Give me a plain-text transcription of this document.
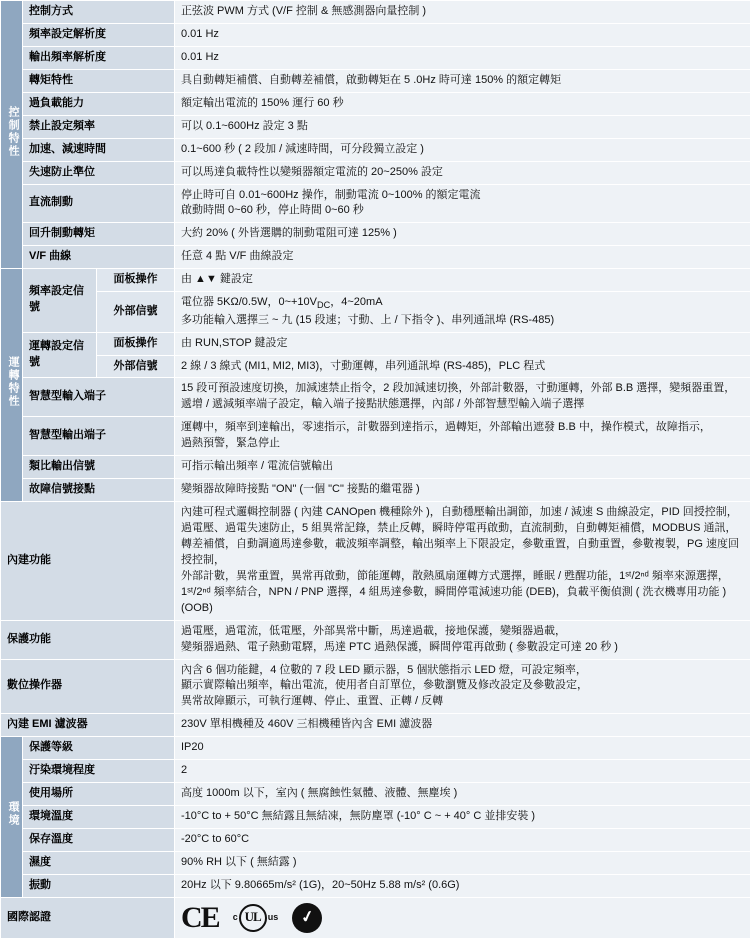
控制特性	控制方式		正弦波 PWM 方式 (V/F 控制 & 無感測器向量控制 )
	頻率設定解析度		0.01 Hz
	輸出頻率解析度		0.01 Hz
	轉矩特性		具自動轉矩補償、自動轉差補償，啟動轉矩在 5 .0Hz 時可達 150% 的額定轉矩
	過負載能力		額定輸出電流的 150% 運行 60 秒
	禁止設定頻率		可以 0.1~600Hz 設定 3 點
	加速、減速時間		0.1~600 秒 ( 2 段加 / 減速時間，可分段獨立設定 )
	失速防止準位		可以馬達負載特性以變頻器額定電流的 20~250% 設定
	直流制動		停止時可自 0.01~600Hz 操作，制動電流 0~100% 的額定電流
啟動時間 0~60 秒，停止時間 0~60 秒

	回升制動轉矩		大約 20% ( 外皆選購的制動電阻可達 125% )
	V/F 曲線		任意 4 點 V/F 曲線設定
運轉特性	頻率設定信號	面板操作	由 ▲▼ 鍵設定
		外部信號	電位器 5KΩ/0.5W，$0\sim+10V_{DC}$，4~20mA
多功能輸入選擇三 ~ 九 (15 段速；寸動、上 / 下指令 )、串列通訊埠 (RS-485)

	運轉設定信號	面板操作	由 RUN,STOP 鍵設定
		外部信號	2 線 / 3 線式 (MI1, MI2, MI3)，寸動運轉，串列通訊埠 (RS-485)，PLC 程式
	智慧型輸入端子		15 段可預設速度切換，加減速禁止指令，2 段加減速切換，外部計數器，寸動運轉，外部 B.B 選擇，變頻器重置，
遞增 / 遞減頻率端子設定，輸入端子接點狀態選擇，內部 / 外部智慧型輸入端子選擇

	智慧型輸出端子		運轉中，頻率到達輸出，零速指示，計數器到達指示，過轉矩，外部輸出遮發 B.B 中，操作模式，故障指示，
過熱預警，緊急停止

	類比輸出信號		可指示輸出頻率 / 電流信號輸出
	故障信號接點		變頻器故障時接點 "ON" (一個 "C" 接點的繼電器 )

內建功能			內建可程式邏輯控制器 ( 內建 CANOpen 機種除外 )，自動穩壓輸出調節，加速 / 減速 S 曲線設定，PID 回授控制，
過電壓、過電失速防止，5 組異常記錄，禁止反轉，瞬時停電再啟動，直流制動，自動轉矩補償，MODBUS 通訊，
轉差補償，自動調適馬達參數，載波頻率調整，輸出頻率上下限設定，參數重置，自動重置，參數複製，PG 速度回授控制，
外部計數，異常重置，異常再啟動，節能運轉，散熱風扇運轉方式選擇，睡眠 / 甦醒功能，1ˢᵗ/2ⁿᵈ 頻率來源選擇，
1ˢᵗ/2ⁿᵈ 頻率結合，NPN / PNP 選擇，4 組馬達參數，瞬間停電減速功能 (DEB)，負載平衡偵測 ( 洗衣機專用功能 )(OOB)

保護功能			過電壓，過電流，低電壓，外部異常中斷，馬達過載，接地保護，變頻器過載，
變頻器過熱、電子熱動電驛，馬達 PTC 過熱保護，瞬間停電再啟動 ( 參數設定可達 20 秒 )

數位操作器			內含 6 個功能鍵，4 位數的 7 段 LED 顯示器，5 個狀態指示 LED 燈，可設定頻率，
顯示實際輸出頻率，輸出電流，使用者自訂單位，參數瀏覽及修改設定及參數設定，
異常故障顯示，可執行運轉、停止、重置、正轉 / 反轉

內建 EMI 濾波器			230V 單相機種及 460V 三相機種皆內含 EMI 濾波器
環境	保護等級		IP20
	汙染環境程度		2
	使用場所		高度 1000m 以下，室內 ( 無腐蝕性氣體、液體、無塵埃 )
	環境溫度		-10°C to + 50°C 無結露且無結凍，無防塵罩 (-10° C ~ + 40° C 並排安裝 )
	保存溫度		-20°C to 60°C
	濕度		90% RH 以下 ( 無結露 )
	振動		20Hz 以下 9.80665m/s² (1G)，20~50Hz 5.88 m/s² (0.6G)
國際認證			CE c UL us ✓
